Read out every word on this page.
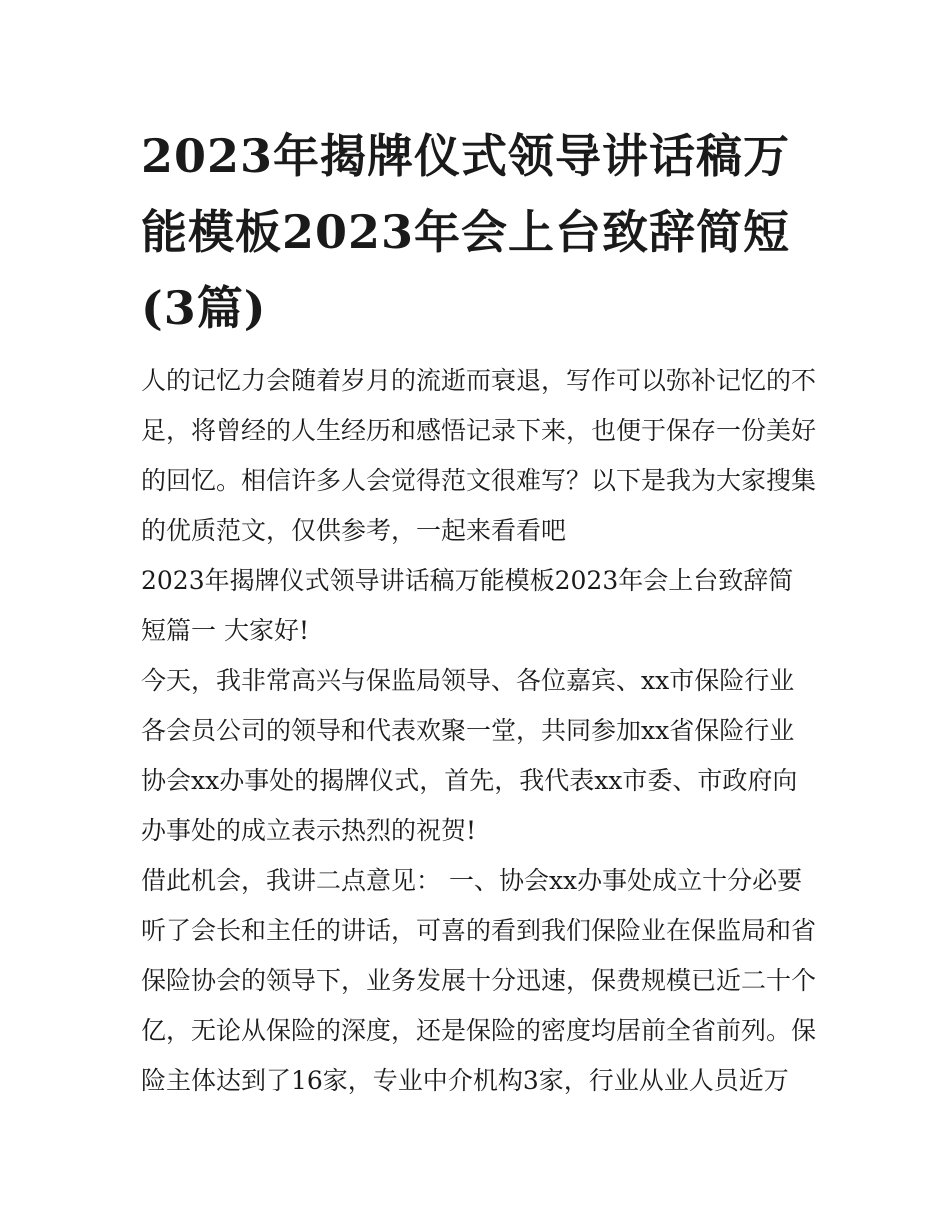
2023年揭牌仪式领导讲话稿万能模板2023年会上台致辞简短(3篇)

人的记忆力会随着岁月的流逝而衰退，写作可以弥补记忆的不足，将曾经的人生经历和感悟记录下来，也便于保存一份美好的回忆。相信许多人会觉得范文很难写？以下是我为大家搜集的优质范文，仅供参考，一起来看看吧

2023年揭牌仪式领导讲话稿万能模板2023年会上台致辞简短篇一 大家好!

今天，我非常高兴与保监局领导、各位嘉宾、xx市保险行业各会员公司的领导和代表欢聚一堂，共同参加xx省保险行业协会xx办事处的揭牌仪式，首先，我代表xx市委、市政府向办事处的成立表示热烈的祝贺!

借此机会，我讲二点意见： 一、协会xx办事处成立十分必要 听了会长和主任的讲话，可喜的看到我们保险业在保监局和省保险协会的领导下，业务发展十分迅速，保费规模已近二十个亿，无论从保险的深度，还是保险的密度均居前全省前列。保险主体达到了16家，专业中介机构3家，行业从业人员近万
